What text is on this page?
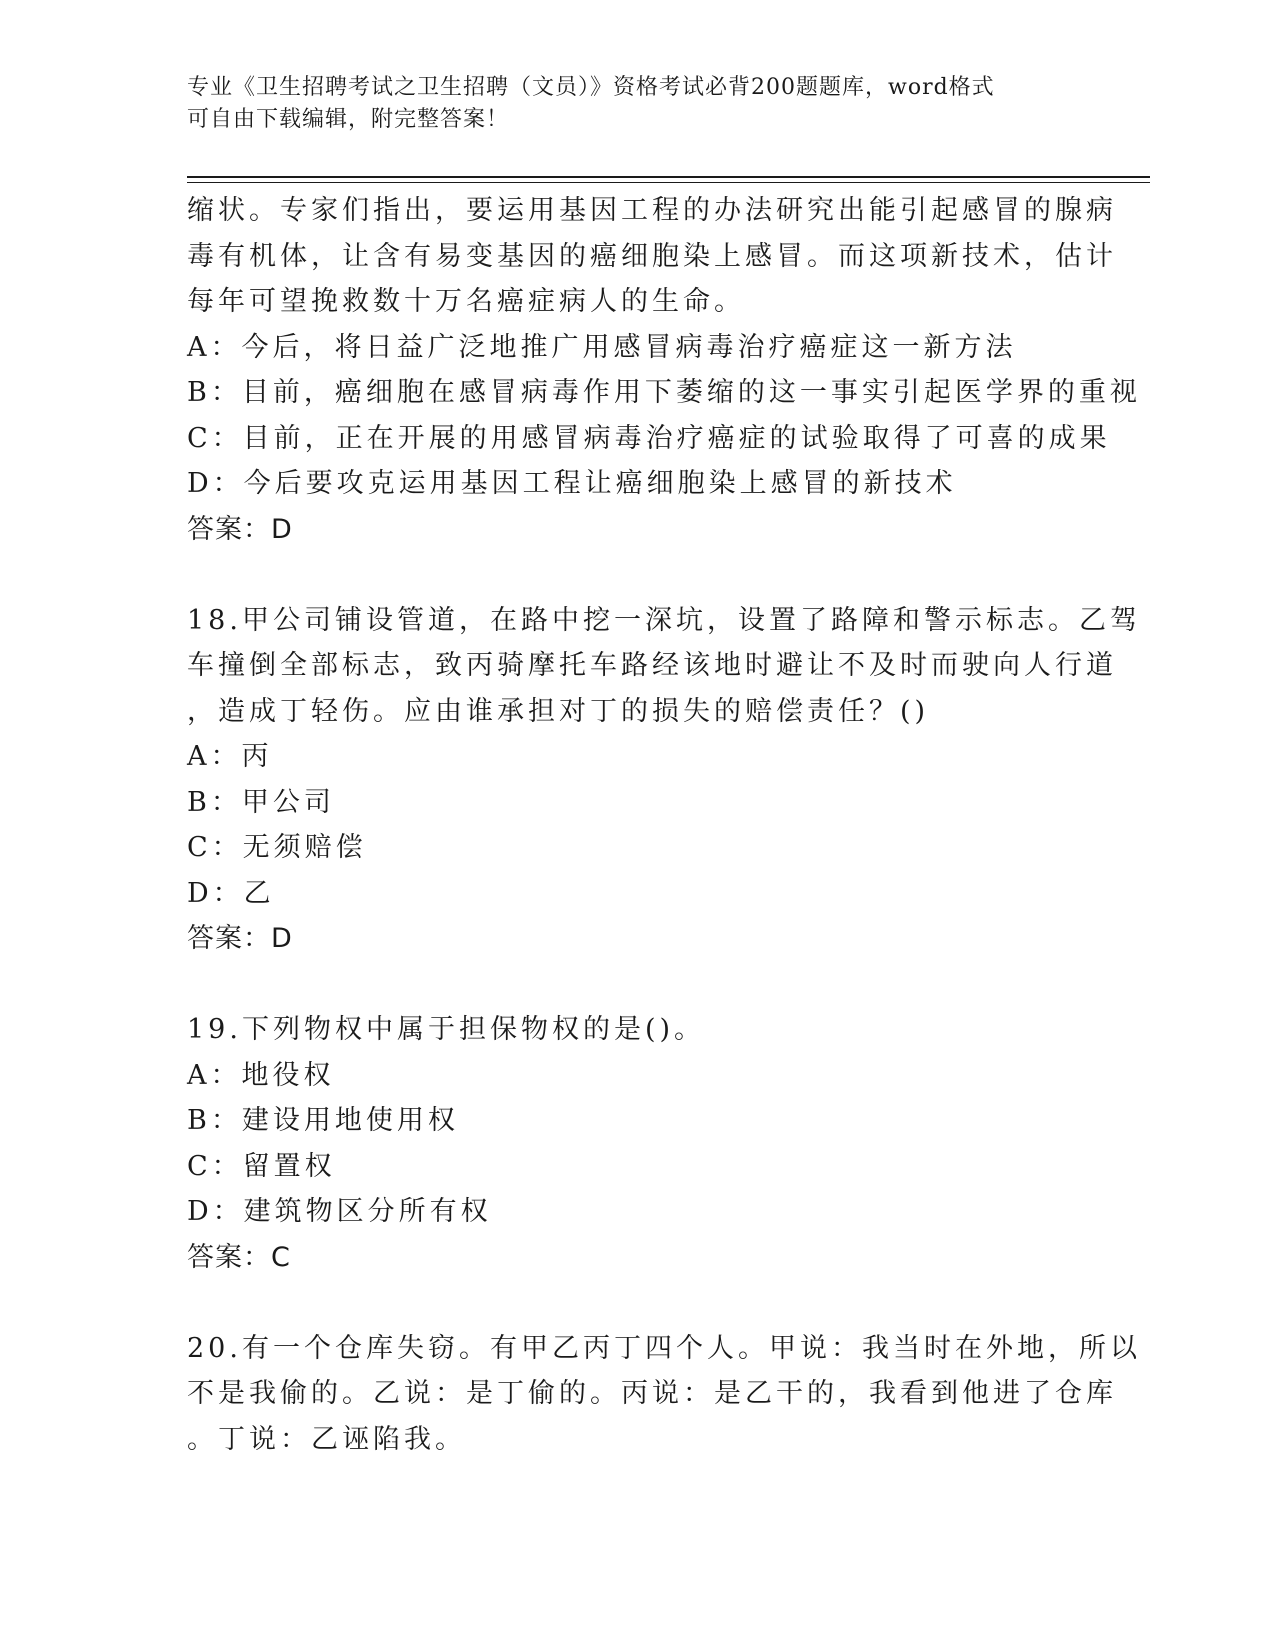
专业《卫生招聘考试之卫生招聘（文员）》资格考试必背200题题库，word格式
可自由下载编辑，附完整答案！
缩状。专家们指出，要运用基因工程的办法研究出能引起感冒的腺病
毒有机体，让含有易变基因的癌细胞染上感冒。而这项新技术，估计
每年可望挽救数十万名癌症病人的生命。
A：今后，将日益广泛地推广用感冒病毒治疗癌症这一新方法
B：目前，癌细胞在感冒病毒作用下萎缩的这一事实引起医学界的重视
C：目前，正在开展的用感冒病毒治疗癌症的试验取得了可喜的成果
D：今后要攻克运用基因工程让癌细胞染上感冒的新技术
答案：D
18.甲公司铺设管道，在路中挖一深坑，设置了路障和警示标志。乙驾
车撞倒全部标志，致丙骑摩托车路经该地时避让不及时而驶向人行道
，造成丁轻伤。应由谁承担对丁的损失的赔偿责任？()
A：丙
B：甲公司
C：无须赔偿
D：乙
答案：D
19.下列物权中属于担保物权的是()。
A：地役权
B：建设用地使用权
C：留置权
D：建筑物区分所有权
答案：C
20.有一个仓库失窃。有甲乙丙丁四个人。甲说：我当时在外地，所以
不是我偷的。乙说：是丁偷的。丙说：是乙干的，我看到他进了仓库
。丁说：乙诬陷我。
